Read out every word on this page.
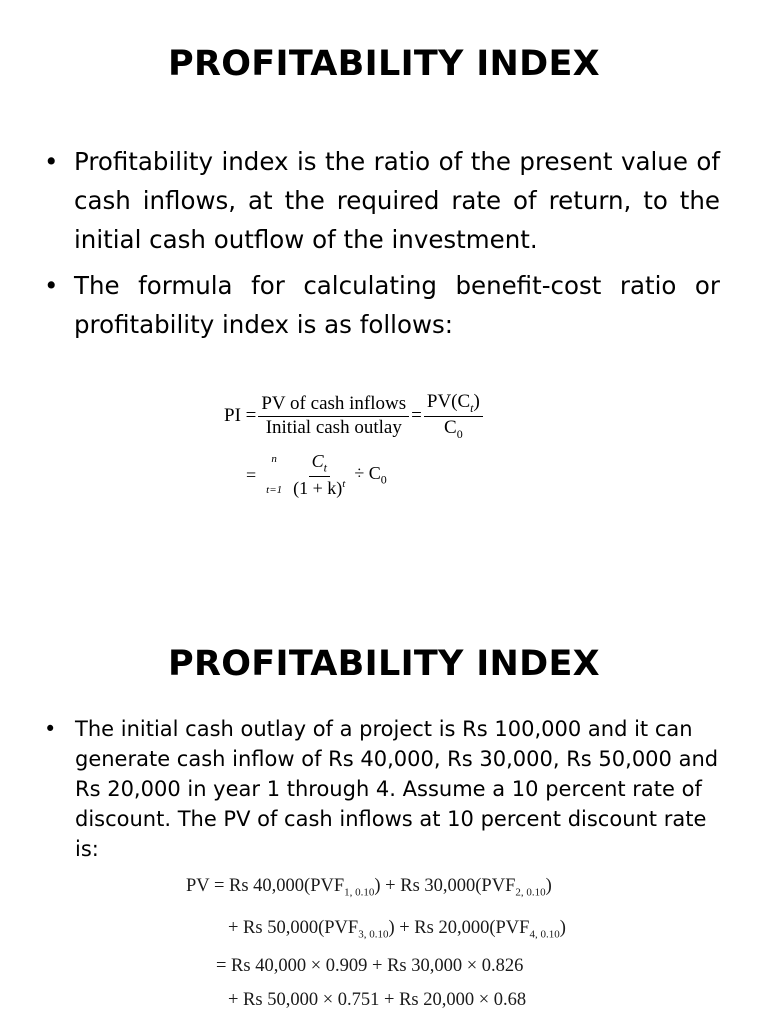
PROFITABILITY INDEX
• Profitability index is the ratio of the present value of cash inflows, at the required rate of return, to the initial cash outflow of the investment.
• The formula for calculating benefit-cost ratio or profitability index is as follows:
PI = $\frac{\text{PV of cash inflows}}{\text{Initial cash outlay}} = \frac{PV(C_t)}{C_0}$
=
n
$t=1 \frac{C_t}{(1 + k)^t} \div C_0$
PROFITABILITY INDEX
• The initial cash outlay of a project is Rs 100,000 and it can generate cash inflow of Rs 40,000, Rs 30,000, Rs 50,000 and Rs 20,000 in year 1 through 4. Assume a 10 percent rate of discount. The PV of cash inflows at 10 percent discount rate is:
PV = Rs $40,000(PVF_{1, 0.10}) + Rs$ $30,000(PVF_{2, 0.10})$
+ Rs $50,000(PVF_{3, 0.10}) + Rs$ $20,000(PVF_{4, 0.10})$
= Rs 40,000 × 0.909 + Rs 30,000 × 0.826
+ Rs 50,000 × 0.751 + Rs 20,000 × 0.68
